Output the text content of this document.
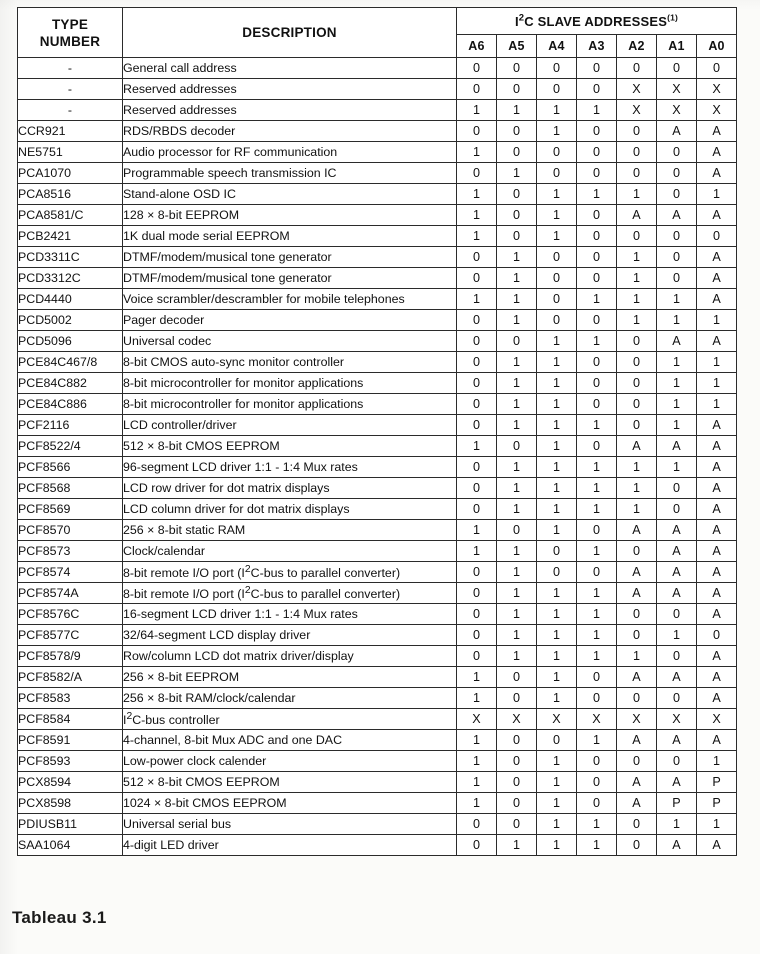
TYPE
NUMBER	DESCRIPTION	$I^2C$ SLAVE ADDRESSES$^{(1)}$
		A6	A5	A4	A3	A2	A1	A0
-	General call address	0	0	0	0	0	0	0
-	Reserved addresses	0	0	0	0	X	X	X
-	Reserved addresses	1	1	1	1	X	X	X
CCR921	RDS/RBDS decoder	0	0	1	0	0	A	A
NE5751	Audio processor for RF communication	1	0	0	0	0	0	A
PCA1070	Programmable speech transmission IC	0	1	0	0	0	0	A
PCA8516	Stand-alone OSD IC	1	0	1	1	1	0	1
PCA8581/C	128 × 8-bit EEPROM	1	0	1	0	A	A	A
PCB2421	1K dual mode serial EEPROM	1	0	1	0	0	0	0
PCD3311C	DTMF/modem/musical tone generator	0	1	0	0	1	0	A
PCD3312C	DTMF/modem/musical tone generator	0	1	0	0	1	0	A
PCD4440	Voice scrambler/descrambler for mobile telephones	1	1	0	1	1	1	A
PCD5002	Pager decoder	0	1	0	0	1	1	1
PCD5096	Universal codec	0	0	1	1	0	A	A
PCE84C467/8	8-bit CMOS auto-sync monitor controller	0	1	1	0	0	1	1
PCE84C882	8-bit microcontroller for monitor applications	0	1	1	0	0	1	1
PCE84C886	8-bit microcontroller for monitor applications	0	1	1	0	0	1	1
PCF2116	LCD controller/driver	0	1	1	1	0	1	A
PCF8522/4	512 × 8-bit CMOS EEPROM	1	0	1	0	A	A	A
PCF8566	96-segment LCD driver 1:1 - 1:4 Mux rates	0	1	1	1	1	1	A
PCF8568	LCD row driver for dot matrix displays	0	1	1	1	1	0	A
PCF8569	LCD column driver for dot matrix displays	0	1	1	1	1	0	A
PCF8570	256 × 8-bit static RAM	1	0	1	0	A	A	A
PCF8573	Clock/calendar	1	1	0	1	0	A	A
PCF8574	8-bit remote I/O port ($I^2C$-bus to parallel converter)	0	1	0	0	A	A	A
PCF8574A	8-bit remote I/O port ($I^2C$-bus to parallel converter)	0	1	1	1	A	A	A
PCF8576C	16-segment LCD driver 1:1 - 1:4 Mux rates	0	1	1	1	0	0	A
PCF8577C	32/64-segment LCD display driver	0	1	1	1	0	1	0
PCF8578/9	Row/column LCD dot matrix driver/display	0	1	1	1	1	0	A
PCF8582/A	256 × 8-bit EEPROM	1	0	1	0	A	A	A
PCF8583	256 × 8-bit RAM/clock/calendar	1	0	1	0	0	0	A
PCF8584	$I^2C$-bus controller	X	X	X	X	X	X	X
PCF8591	4-channel, 8-bit Mux ADC and one DAC	1	0	0	1	A	A	A
PCF8593	Low-power clock calender	1	0	1	0	0	0	1
PCX8594	512 × 8-bit CMOS EEPROM	1	0	1	0	A	A	P
PCX8598	1024 × 8-bit CMOS EEPROM	1	0	1	0	A	P	P
PDIUSB11	Universal serial bus	0	0	1	1	0	1	1
SAA1064	4-digit LED driver	0	1	1	1	0	A	A
Tableau 3.1
